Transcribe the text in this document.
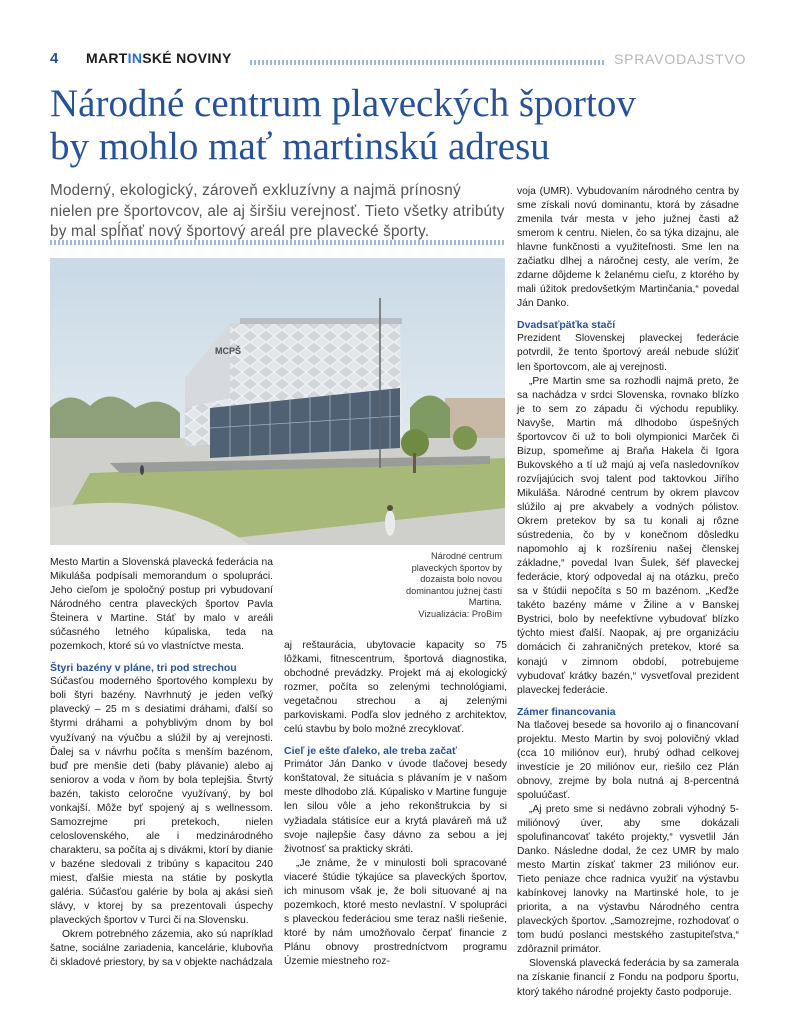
4 MARTINSKÉ NOVINY	SPRAVODAJSTVO
Národné centrum plaveckých športov
by mohlo mať martinskú adresu
Moderný, ekologický, zároveň exkluzívny a najmä prínosný nielen pre športovcov, ale aj širšiu verejnosť. Tieto všetky atribúty by mal spĺňať nový športový areál pre plavecké športy.
MCPŠ
Národné centrum
plaveckých športov by
dozaista bolo novou
dominantou južnej časti
Martina.
Vizualizácia: ProBim

Mesto Martin a Slovenská plavecká federácia na Mikuláša podpísali memorandum o spolupráci. Jeho cieľom je spoločný postup pri vybudovaní Národného centra plaveckých športov Pavla Šteinera v Martine. Stáť by malo v areáli súčasného letného kúpaliska, teda na pozemkoch, ktoré sú vo vlastníctve mesta.

Štyri bazény v pláne, tri pod strechou

Súčasťou moderného športového komplexu by boli štyri bazény. Navrhnutý je jeden veľký plavecký – 25 m s desiatimi dráhami, ďalší so štyrmi dráhami a pohyblivým dnom by bol využívaný na výučbu a slúžil by aj verejnosti. Ďalej sa v návrhu počíta s menším bazénom, buď pre menšie deti (baby plávanie) alebo aj seniorov a voda v ňom by bola teplejšia. Štvrtý bazén, takisto celoročne využívaný, by bol vonkajší. Môže byť spojený aj s wellnessom. Samozrejme pri pretekoch, nielen celoslovenského, ale i medzinárodného charakteru, sa počíta aj s divákmi, ktorí by dianie v bazéne sledovali z tribúny s kapacitou 240 miest, ďalšie miesta na státie by poskytla galéria. Súčasťou galérie by bola aj akási sieň slávy, v ktorej by sa prezentovali úspechy plaveckých športov v Turci či na Slovensku.

Okrem potrebného zázemia, ako sú napríklad šatne, sociálne zariadenia, kancelárie, klubovňa či skladové priestory, by sa v objekte nachádzala

aj reštaurácia, ubytovacie kapacity so 75 lôžkami, fitnescentrum, športová diagnostika, obchodné prevádzky. Projekt má aj ekologický rozmer, počíta so zelenými technológiami, vegetačnou strechou a aj zelenými parkoviskami. Podľa slov jedného z architektov, celú stavbu by bolo možné zrecyklovať.

Cieľ je ešte ďaleko, ale treba začať

Primátor Ján Danko v úvode tlačovej besedy konštatoval, že situácia s plávaním je v našom meste dlhodobo zlá. Kúpalisko v Martine funguje len silou vôle a jeho rekonštrukcia by si vyžiadala státisíce eur a krytá plaváreň má už svoje najlepšie časy dávno za sebou a jej životnosť sa prakticky skráti.

„Je známe, že v minulosti boli spracované viaceré štúdie týkajúce sa plaveckých športov, ich minusom však je, že boli situované aj na pozemkoch, ktoré mesto nevlastní. V spolupráci s plaveckou federáciou sme teraz našli riešenie, ktoré by nám umožňovalo čerpať financie z Plánu obnovy prostredníctvom programu Územie miestneho roz-

voja (UMR). Vybudovaním národného centra by sme získali novú dominantu, ktorá by zásadne zmenila tvár mesta v jeho južnej časti až smerom k centru. Nielen, čo sa týka dizajnu, ale hlavne funkčnosti a využiteľnosti. Sme len na začiatku dlhej a náročnej cesty, ale verím, že zdarne dôjdeme k želanému cieľu, z ktorého by mali úžitok predovšetkým Martinčania,“ povedal Ján Danko.

Dvadsaťpäťka stačí

Prezident Slovenskej plaveckej federácie potvrdil, že tento športový areál nebude slúžiť len športovcom, ale aj verejnosti.

„Pre Martin sme sa rozhodli najmä preto, že sa nachádza v srdci Slovenska, rovnako blízko je to sem zo západu či východu republiky. Navyše, Martin má dlhodobo úspešných športovcov či už to boli olympionici Marček či Bizup, spomeňme aj Braňa Hakela či Igora Bukovského a tí už majú aj veľa nasledovníkov rozvíjajúcich svoj talent pod taktovkou Jiřího Mikuláša. Národné centrum by okrem plavcov slúžilo aj pre akvabely a vodných pólistov. Okrem pretekov by sa tu konali aj rôzne sústredenia, čo by v konečnom dôsledku napomohlo aj k rozšíreniu našej členskej základne,“ povedal Ivan Šulek, šéf plaveckej federácie, ktorý odpovedal aj na otázku, prečo sa v štúdii nepočíta s 50 m bazénom. „Keďže takéto bazény máme v Žiline a v Banskej Bystrici, bolo by neefektívne vybudovať blízko týchto miest ďalší. Naopak, aj pre organizáciu domácich či zahraničných pretekov, ktoré sa konajú v zimnom období, potrebujeme vybudovať krátky bazén,“ vysvetľoval prezident plaveckej federácie.

Zámer financovania

Na tlačovej besede sa hovorilo aj o financovaní projektu. Mesto Martin by svoj polovičný vklad (cca 10 miliónov eur), hrubý odhad celkovej investície je 20 miliónov eur, riešilo cez Plán obnovy, zrejme by bola nutná aj 8-percentná spoluúčasť.

„Aj preto sme si nedávno zobrali výhodný 5-miliónový úver, aby sme dokázali spolufinancovať takéto projekty,“ vysvetlil Ján Danko. Následne dodal, že cez UMR by malo mesto Martin získať takmer 23 miliónov eur. Tieto peniaze chce radnica využiť na výstavbu kabínkovej lanovky na Martinské hole, to je priorita, a na výstavbu Národného centra plaveckých športov. „Samozrejme, rozhodovať o tom budú poslanci mestského zastupiteľstva,“ zdôraznil primátor.

Slovenská plavecká federácia by sa zamerala na získanie financií z Fondu na podporu športu, ktorý takého národné projekty často podporuje.
